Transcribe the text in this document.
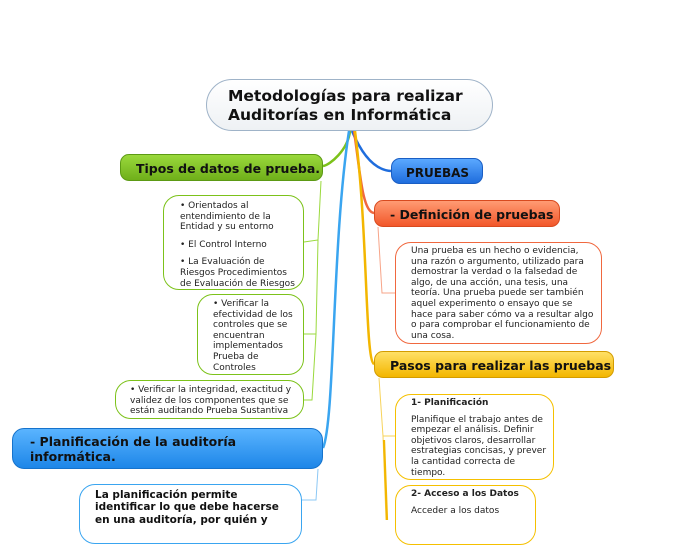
Metodologías para realizar
Auditorías en Informática
Tipos de datos de prueba.	PRUEBAS
- Definición de pruebas
Pasos para realizar las pruebas
- Planificación de la auditoría informática.

• Orientados al entendimiento de la Entidad y su entorno

• El Control Interno

• La Evaluación de Riesgos Procedimientos de Evaluación de Riesgos

• Verificar la efectividad de los controles que se encuentran implementados Prueba de Controles
• Verificar la integridad, exactitud y validez de los componentes que se están auditando Prueba Sustantiva
Una prueba es un hecho o evidencia, una razón o argumento, utilizado para demostrar la verdad o la falsedad de algo, de una acción, una tesis, una teoría. Una prueba puede ser también aquel experimento o ensayo que se hace para saber cómo va a resultar algo o para comprobar el funcionamiento de una cosa.
1- Planificación
Planifique el trabajo antes de empezar el análisis. Definir objetivos claros, desarrollar estrategias concisas, y prever la cantidad correcta de tiempo.
2- Acceso a los Datos
Acceder a los datos
La planificación permite identificar lo que debe hacerse en una auditoría, por quién y
